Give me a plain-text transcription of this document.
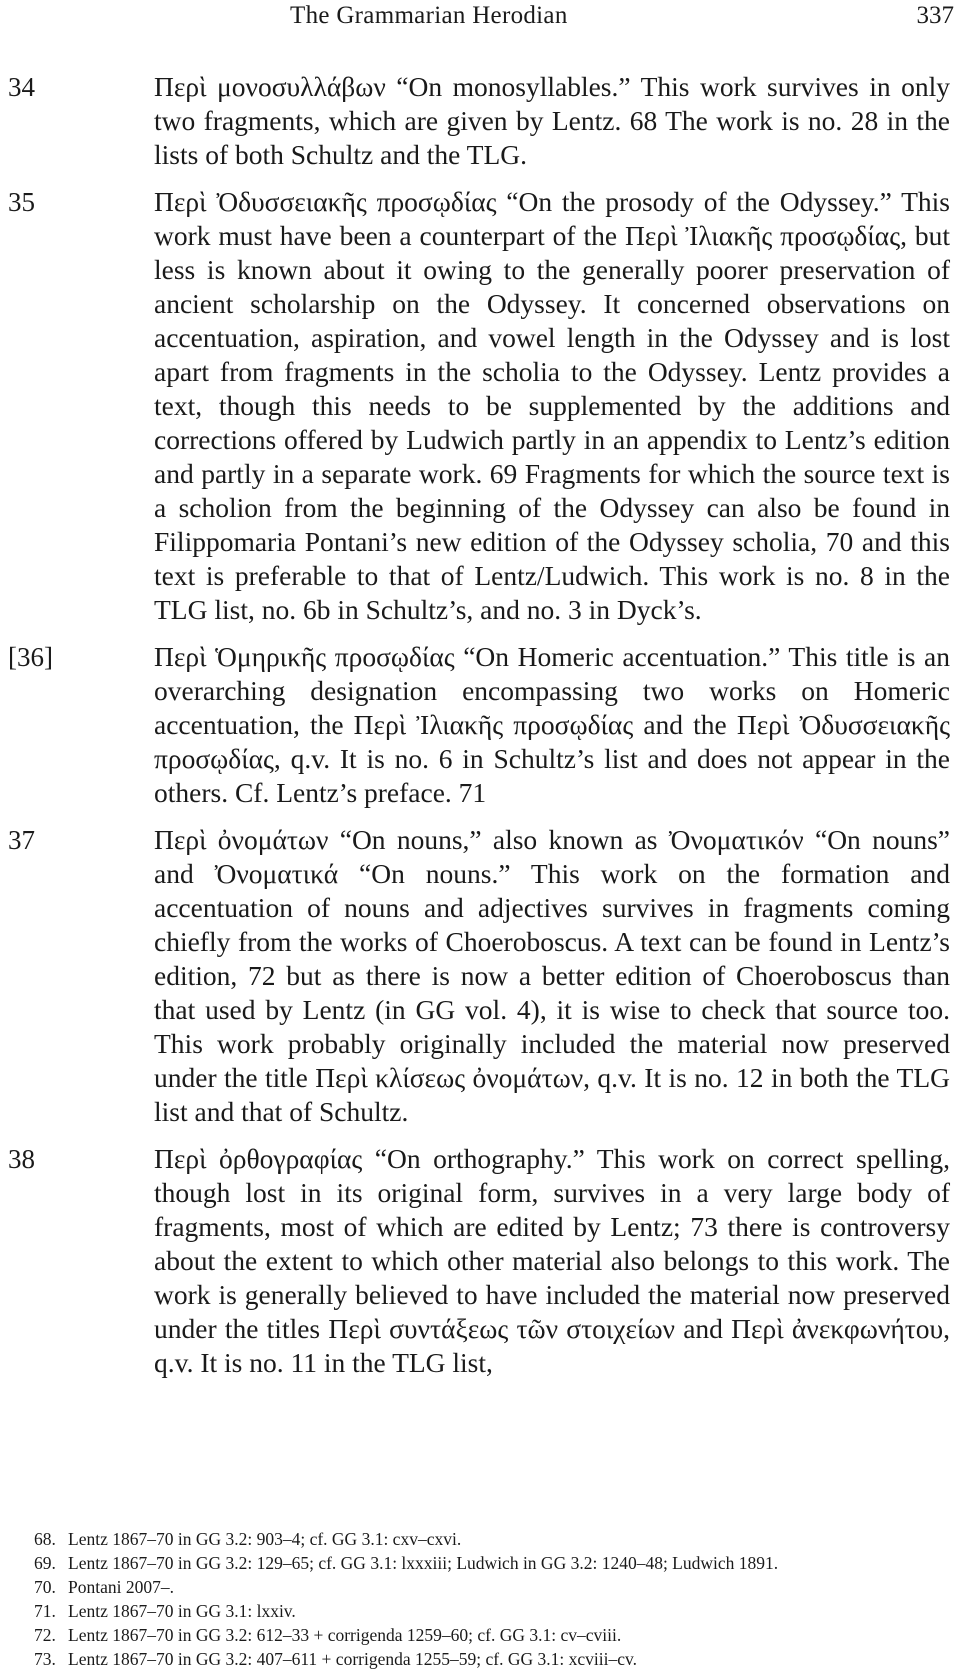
The Grammarian Herodian	337
34	Περὶ μονοσυλλάβων “On monosyllables.” This work survives in only two fragments, which are given by Lentz. 68 The work is no. 28 in the lists of both Schultz and the TLG.
35	Περὶ Ὀδυσσειακῆς προσῳδίας “On the prosody of the Odyssey.” This work must have been a counterpart of the Περὶ Ἰλιακῆς προσῳδίας, but less is known about it owing to the generally poorer preservation of ancient scholarship on the Odyssey. It concerned observations on accentuation, aspiration, and vowel length in the Odyssey and is lost apart from fragments in the scholia to the Odyssey. Lentz provides a text, though this needs to be supplemented by the additions and corrections offered by Ludwich partly in an appendix to Lentz’s edition and partly in a separate work. 69 Fragments for which the source text is a scholion from the beginning of the Odyssey can also be found in Filippomaria Pontani’s new edition of the Odyssey scholia, 70 and this text is preferable to that of Lentz/Ludwich. This work is no. 8 in the TLG list, no. 6b in Schultz’s, and no. 3 in Dyck’s.
[36]	Περὶ Ὁμηρικῆς προσῳδίας “On Homeric accentuation.” This title is an overarching designation encompassing two works on Homeric accentuation, the Περὶ Ἰλιακῆς προσῳδίας and the Περὶ Ὀδυσσειακῆς προσῳδίας, q.v. It is no. 6 in Schultz’s list and does not appear in the others. Cf. Lentz’s preface. 71
37	Περὶ ὀνομάτων “On nouns,” also known as Ὀνοματικόν “On nouns” and Ὀνοματικά “On nouns.” This work on the formation and accentuation of nouns and adjectives survives in fragments coming chiefly from the works of Choeroboscus. A text can be found in Lentz’s edition, 72 but as there is now a better edition of Choeroboscus than that used by Lentz (in GG vol. 4), it is wise to check that source too. This work probably originally included the material now preserved under the title Περὶ κλίσεως ὀνομάτων, q.v. It is no. 12 in both the TLG list and that of Schultz.
38	Περὶ ὀρθογραφίας “On orthography.” This work on correct spelling, though lost in its original form, survives in a very large body of fragments, most of which are edited by Lentz; 73 there is controversy about the extent to which other material also belongs to this work. The work is generally believed to have included the material now preserved under the titles Περὶ συντάξεως τῶν στοιχείων and Περὶ ἀνεκφωνήτου, q.v. It is no. 11 in the TLG list,
68. Lentz 1867–70 in GG 3.2: 903–4; cf. GG 3.1: cxv–cxvi.
69. Lentz 1867–70 in GG 3.2: 129–65; cf. GG 3.1: lxxxiii; Ludwich in GG 3.2: 1240–48; Ludwich 1891.
70. Pontani 2007–.
71. Lentz 1867–70 in GG 3.1: lxxiv.
72. Lentz 1867–70 in GG 3.2: 612–33 + corrigenda 1259–60; cf. GG 3.1: cv–cviii.
73. Lentz 1867–70 in GG 3.2: 407–611 + corrigenda 1255–59; cf. GG 3.1: xcviii–cv.
